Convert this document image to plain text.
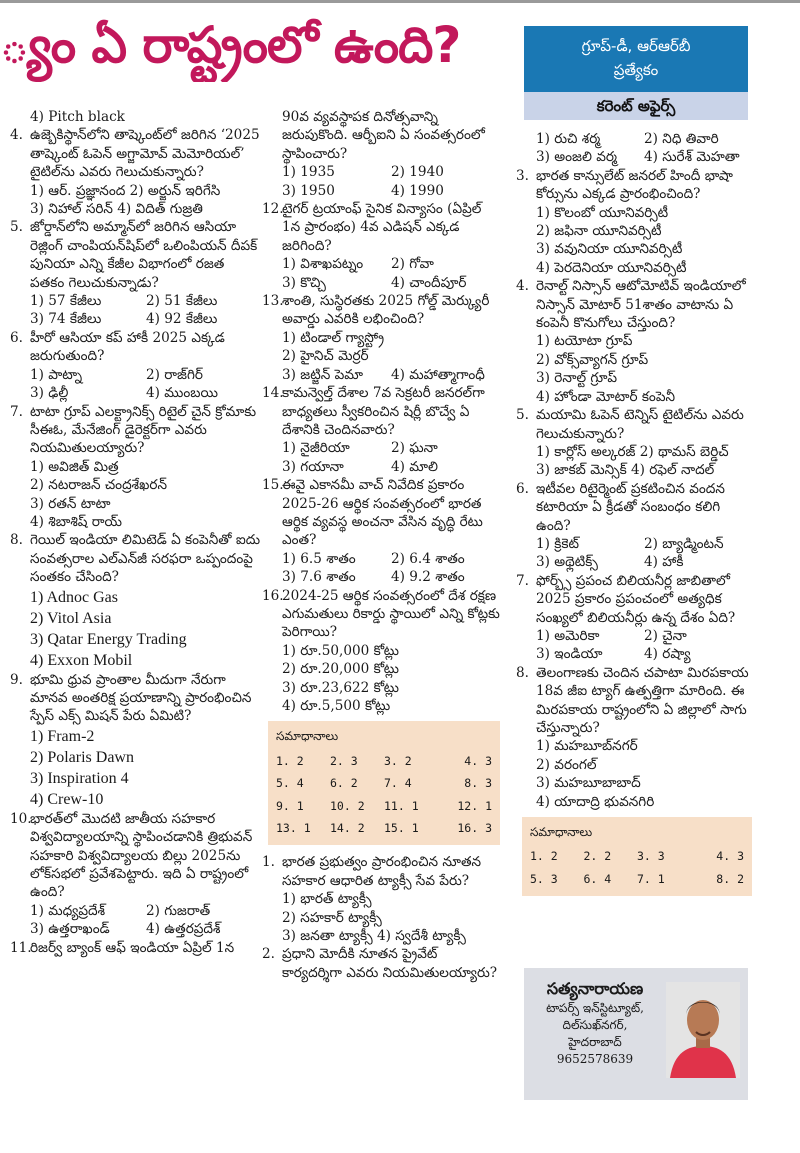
్యం ఏ రాష్ట్రంలో ఉంది?	గ్రూప్-డీ, ఆర్ఆర్‌బీ
ప్రత్యేకం
కరెంట్ అఫైర్స్
4) Pitch black
4. ఉజ్బెకిస్థాన్‌లోని తాష్కెంట్‌లో జరిగిన ‘2025 తాష్కెంట్ ఓపెన్ అగ్జామోవ్ మెమోరియల్’ టైటిల్‌ను ఎవరు గెలుచుకున్నారు?
1) ఆర్. ప్రజ్ఞానంద 2) అర్జున్ ఇరిగేసి
3) నిహాల్ సరిన్ 4) విదిత్ గుజ్రతి
5. జోర్డాన్‌లోని అమ్మాన్‌లో జరిగిన ఆసియా రెజ్లింగ్ చాంపియన్‌షిప్‌లో ఒలింపియన్ దీపక్ పునియా ఎన్ని కేజీల విభాగంలో రజత పతకం గెలుచుకున్నాడు?
1) 57 కేజీలు	2) 51 కేజీలు
3) 74 కేజీలు	4) 92 కేజీలు
6. హీరో ఆసియా కప్ హాకీ 2025 ఎక్కడ జరుగుతుంది?
1) పాట్నా	2) రాజ్‌గిర్
3) ఢిల్లీ	4) ముంబయి
7. టాటా గ్రూప్ ఎలక్ట్రానిక్స్ రిటైల్ చైన్ క్రోమాకు సీఈఓ, మేనేజింగ్ డైరెక్టర్‌గా ఎవరు నియమితులయ్యారు?
1) అవిజిత్ మిత్ర
2) నటరాజన్ చంద్రశేఖరన్
3) రతన్ టాటా
4) శిబాశిష్ రాయ్
8. గెయిల్ ఇండియా లిమిటెడ్ ఏ కంపెనీతో ఐదు సంవత్సరాల ఎల్ఎన్‌జీ సరఫరా ఒప్పందంపై సంతకం చేసింది?
1) Adnoc Gas
2) Vitol Asia
3) Qatar Energy Trading
4) Exxon Mobil
9. భూమి ధ్రువ ప్రాంతాల మీదుగా నేరుగా మానవ అంతరిక్ష ప్రయాణాన్ని ప్రారంభించిన స్పేస్ ఎక్స్ మిషన్ పేరు ఏమిటి?
1) Fram-2
2) Polaris Dawn
3) Inspiration 4
4) Crew-10
10.
భారత్‌లో మొదటి జాతీయ సహకార విశ్వవిద్యాలయాన్ని స్థాపించడానికి త్రిభువన్ సహకారి విశ్వవిద్యాలయ బిల్లు 2025ను లోక్‌సభలో ప్రవేశపెట్టారు. ఇది ఏ రాష్ట్రంలో ఉంది?
1) మధ్యప్రదేశ్	2) గుజరాత్
3) ఉత్తరాఖండ్	4) ఉత్తరప్రదేశ్
11.
రిజర్వ్ బ్యాంక్ ఆఫ్ ఇండియా ఏప్రిల్ 1న
90వ వ్యవస్థాపక దినోత్సవాన్ని జరుపుకొంది. ఆర్బీఐని ఏ సంవత్సరంలో స్థాపించారు?
1) 1935	2) 1940
3) 1950	4) 1990
12.
టైగర్ ట్రయాంఫ్ సైనిక విన్యాసం (ఏప్రిల్ 1న ప్రారంభం) 4వ ఎడిషన్ ఎక్కడ జరిగింది?
1) విశాఖపట్నం	2) గోవా
3) కొచ్చి	4) చాందీపూర్
13.
శాంతి, సుస్థిరతకు 2025 గోల్డ్ మెర్క్యురీ అవార్డు ఎవరికి లభించింది?
1) టిండాల్ గ్యాస్ట్రో
2) హైనిచ్ మెర్రర్
3) జట్జిన్ పెమా	4) మహాత్మాగాంధీ
14.
కామన్వెల్త్ దేశాల 7వ సెక్రటరీ జనరల్‌గా బాధ్యతలు స్వీకరించిన షిర్లీ బొచ్వే ఏ దేశానికి చెందినవారు?
1) నైజీరియా	2) ఘనా
3) గయానా	4) మాలి
15.
ఈవై ఎకానమీ వాచ్ నివేదిక ప్రకారం 2025-26 ఆర్థిక సంవత్సరంలో భారత ఆర్థిక వ్యవస్థ అంచనా వేసిన వృద్ధి రేటు ఎంత?
1) 6.5 శాతం	2) 6.4 శాతం
3) 7.6 శాతం	4) 9.2 శాతం
16.
2024-25 ఆర్థిక సంవత్సరంలో దేశ రక్షణ ఎగుమతులు రికార్డు స్థాయిలో ఎన్ని కోట్లకు పెరిగాయి?
1) రూ.50,000 కోట్లు
2) రూ.20,000 కోట్లు
3) రూ.23,622 కోట్లు
4) రూ.5,500 కోట్లు
సమాధానాలు
1. 2	2. 3	3. 2	4. 3
5. 4	6. 2	7. 4	8. 3
9. 1	10. 2	11. 1	12. 1
13. 1	14. 2	15. 1	16. 3
1. భారత ప్రభుత్వం ప్రారంభించిన నూతన సహకార ఆధారిత ట్యాక్సీ సేవ పేరు?
1) భారత్ ట్యాక్సీ
2) సహకార్ ట్యాక్సీ
3) జనతా ట్యాక్సీ 4) స్వదేశీ ట్యాక్సీ
2. ప్రధాని మోదీకి నూతన ప్రైవేట్ కార్యదర్శిగా ఎవరు నియమితులయ్యారు?
1) రుచి శర్మ	2) నిధి తివారి
3) అంజలి వర్మ	4) సురేశ్ మెహతా
3. భారత కాన్సులేట్ జనరల్ హిందీ భాషా కోర్సును ఎక్కడ ప్రారంభించింది?
1) కొలంబో యూనివర్సిటీ
2) జఫినా యూనివర్సిటీ
3) వవునియా యూనివర్సిటీ
4) పెరదెనియా యూనివర్సిటీ
4. రెనాల్ట్ నిస్సాన్ ఆటోమోటివ్ ఇండియాలో నిస్సాన్ మోటార్ 51శాతం వాటాను ఏ కంపెనీ కొనుగోలు చేస్తుంది?
1) టయోటా గ్రూప్
2) వోక్స్‌వ్యాగన్ గ్రూప్
3) రెనాల్ట్ గ్రూప్
4) హోండా మోటార్ కంపెనీ
5. మయామి ఓపెన్ టెన్నిస్ టైటిల్‌ను ఎవరు గెలుచుకున్నారు?
1) కార్లోస్ అల్కరజ్ 2) థామస్ బెర్డిచ్
3) జాకబ్ మెన్సిక్ 4) రఫెల్ నాదల్
6. ఇటీవల రిటైర్మెంట్ ప్రకటించిన వందన కటారియా ఏ క్రీడతో సంబంధం కలిగి ఉంది?
1) క్రికెట్	2) బ్యాడ్మింటన్
3) అథ్లెటిక్స్	4) హాకీ
7. ఫోర్బ్స్ ప్రపంచ బిలియనీర్ల జాబితాలో 2025 ప్రకారం ప్రపంచంలో అత్యధిక సంఖ్యలో బిలియనీర్లు ఉన్న దేశం ఏది?
1) అమెరికా	2) చైనా
3) ఇండియా	4) రష్యా
8. తెలంగాణకు చెందిన చపాటా మిరపకాయ 18వ జీఐ ట్యాగ్ ఉత్పత్తిగా మారింది. ఈ మిరపకాయ రాష్ట్రంలోని ఏ జిల్లాలో సాగు చేస్తున్నారు?
1) మహబూబ్‌నగర్
2) వరంగల్
3) మహబూబాబాద్
4) యాదాద్రి భువనగిరి
సమాధానాలు
1. 2	2. 2	3. 3	4. 3
5. 3	6. 4	7. 1	8. 2
సత్యనారాయణ
టాపర్స్ ఇన్‌స్టిట్యూట్,
దిల్‌సుఖ్‌నగర్,
హైదరాబాద్
9652578639
